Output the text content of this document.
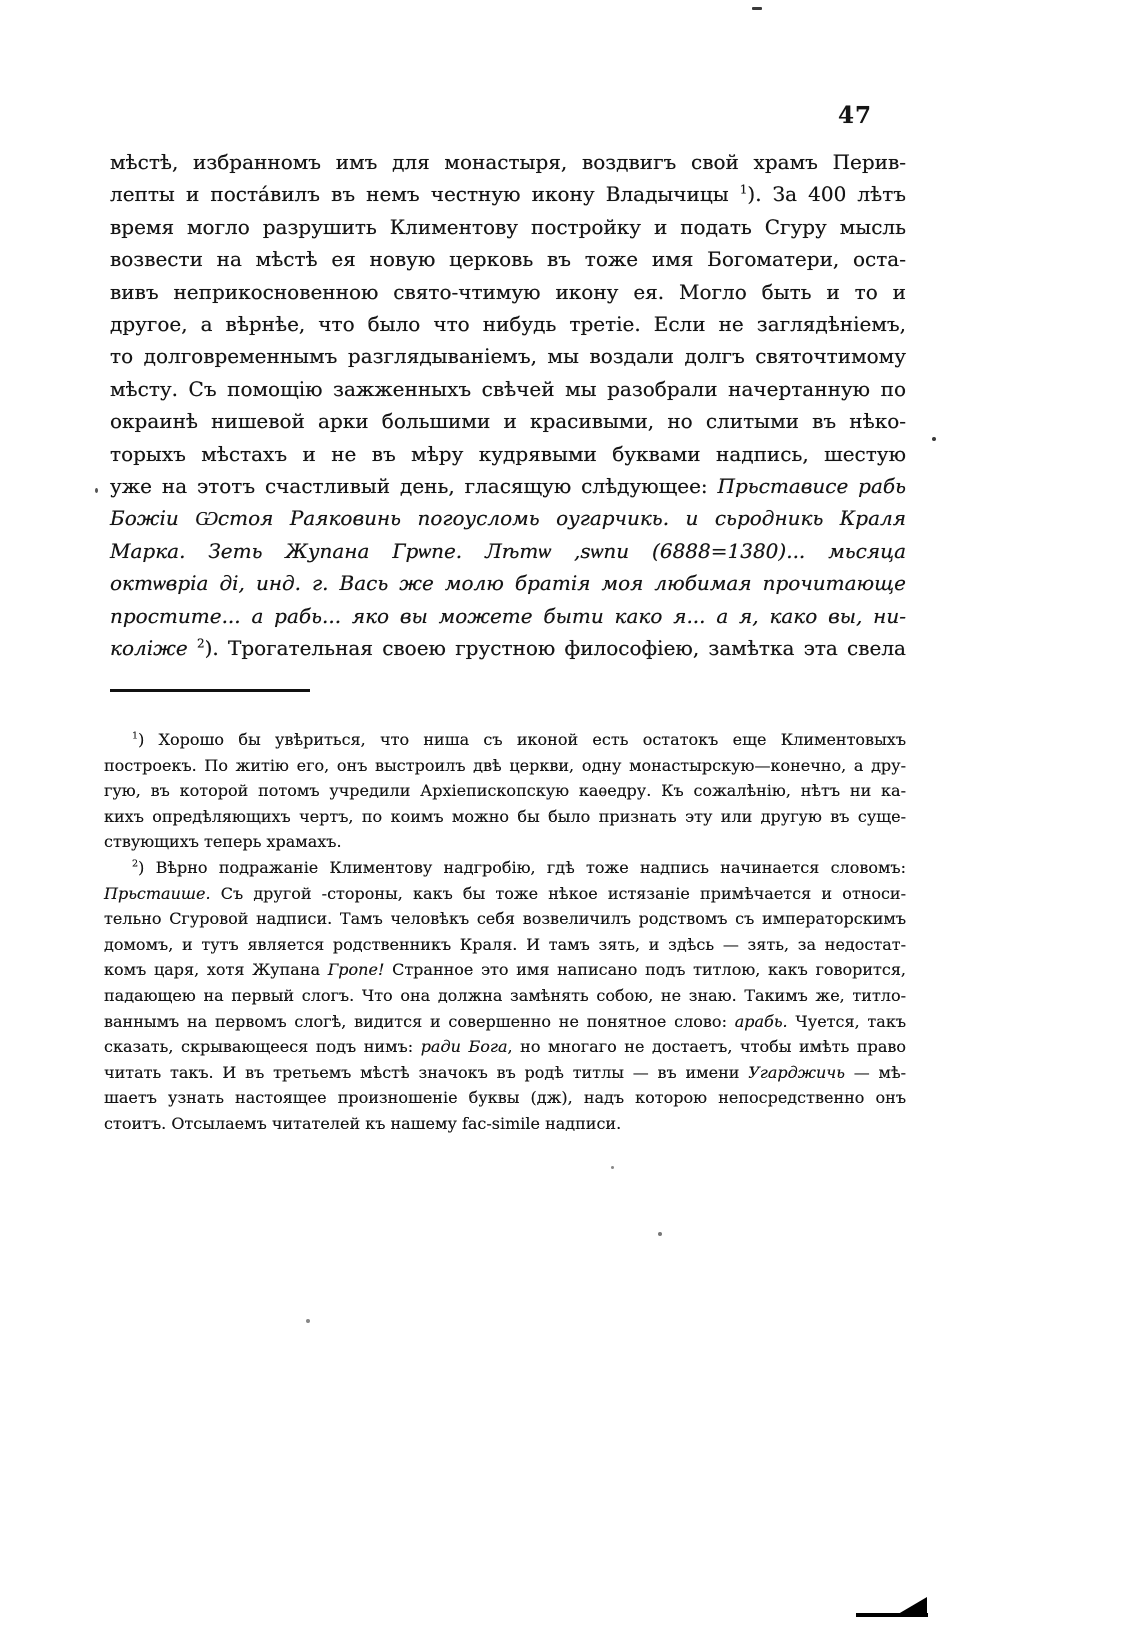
47
мѣстѣ, избранномъ имъ для монастыря, воздвигъ свой храмъ Перив-
лепты и поста́вилъ въ немъ честную икону Владычицы $^1$). За 400 лѣтъ
время могло разрушить Климентову постройку и подать Сгуру мысль
возвести на мѣстѣ ея новую церковь въ тоже имя Богоматери, оста-
вивъ неприкосновенною свято-чтимую икону ея. Могло быть и то и
другое, а вѣрнѣе, что было что нибудь третіе. Если не заглядѣніемъ,
то долговременнымъ разглядываніемъ, мы воздали долгъ святочтимому
мѣсту. Съ помощію зажженныхъ свѣчей мы разобрали начертанную по
окраинѣ нишевой арки большими и красивыми, но слитыми въ нѣко-
торыхъ мѣстахъ и не въ мѣру кудрявыми буквами надпись, шестую
уже на этотъ счастливый день, гласящую слѣдующее: Прьстависе рабь
Божіи Ѡстоя Раяковинь погоусломь оугарчикь. и сьродникь Краля
Марка. Зеть Жупана Грѡпе. Лѣтѡ ,ѕѡпи (6888=1380)... мьсяца
октѡвріа ді, инд. г. Вась же молю братія моя любимая прочитающе
простите... а рабь... яко вы можете быти како я... а я, како вы, ни-
коліже $^2$). Трогательная своею грустною философіею, замѣтка эта свела
$^1$) Хорошо бы увѣриться, что ниша съ иконой есть остатокъ еще Климентовыхъ
построекъ. По житію его, онъ выстроилъ двѣ церкви, одну монастырскую—конечно, а дру-
гую, въ которой потомъ учредили Архіепископскую каѳедру. Къ сожалѣнію, нѣтъ ни ка-
кихъ опредѣляющихъ чертъ, по коимъ можно бы было признать эту или другую въ суще-
ствующихъ теперь храмахъ.
$^2$) Вѣрно подражаніе Климентову надгробію, гдѣ тоже надпись начинается словомъ:
Прьстаише. Съ другой -стороны, какъ бы тоже нѣкое истязаніе примѣчается и относи-
тельно Сгуровой надписи. Тамъ человѣкъ себя возвеличилъ родствомъ съ императорскимъ
домомъ, и тутъ является родственникъ Краля. И тамъ зять, и здѣсь — зять, за недостат-
комъ царя, хотя Жупана Гропе! Странное это имя написано подъ титлою, какъ говорится,
падающею на первый слогъ. Что она должна замѣнять собою, не знаю. Такимъ же, титло-
ваннымъ на первомъ слогѣ, видится и совершенно не понятное слово: арабь. Чуется, такъ
сказать, скрывающееся подъ нимъ: ради Бога, но многаго не достаетъ, чтобы имѣть право
читать такъ. И въ третьемъ мѣстѣ значокъ въ родѣ титлы — въ имени Угарджичь — мѣ-
шаетъ узнать настоящее произношеніе буквы (дж), надъ которою непосредственно онъ
стоитъ. Отсылаемъ читателей къ нашему fac-simile надписи.
